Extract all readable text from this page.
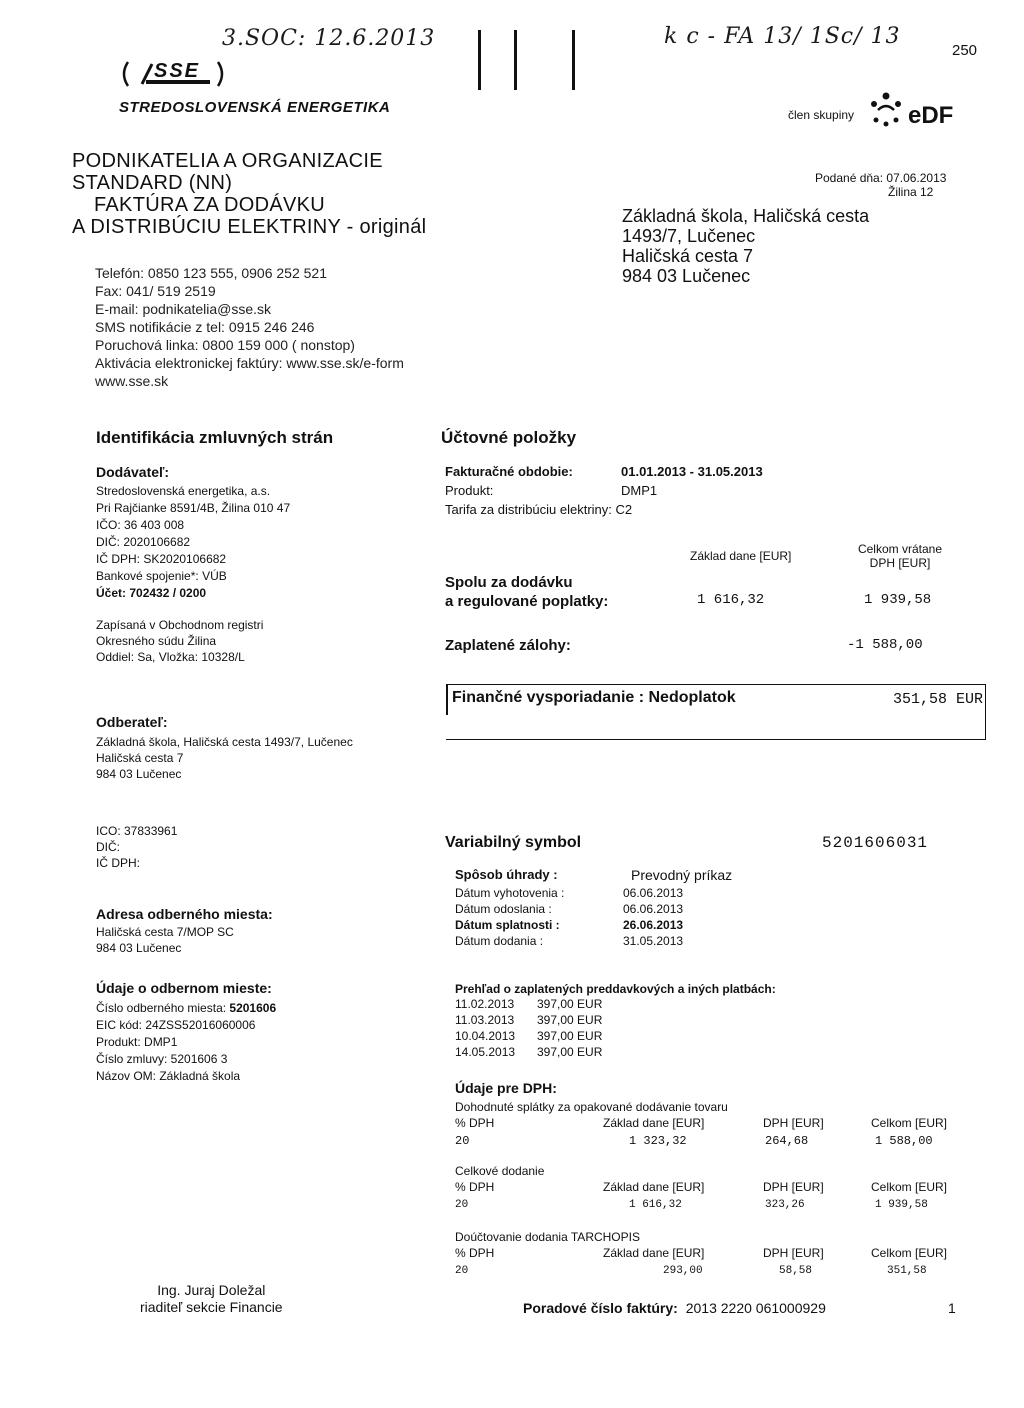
SSE
3.SOC: 12.6.2013	k c - FA 13/ 1Sc/ 13
250
STREDOSLOVENSKÁ ENERGETIKA	člen skupiny eDF
PODNIKATELIA A ORGANIZACIE
STANDARD (NN)
FAKTÚRA ZA DODÁVKU
A DISTRIBÚCIU ELEKTRINY - originál
Telefón: 0850 123 555, 0906 252 521
Fax: 041/ 519 2519
E-mail: podnikatelia@sse.sk
SMS notifikácie z tel: 0915 246 246
Poruchová linka: 0800 159 000 ( nonstop)
Aktivácia elektronickej faktúry: www.sse.sk/e-form
www.sse.sk
Podané dňa: 07.06.2013
Žilina 12
Základná škola, Haličská cesta
1493/7, Lučenec
Haličská cesta 7
984 03 Lučenec
Identifikácia zmluvných strán
Dodávateľ:
Stredoslovenská energetika, a.s.
Pri Rajčianke 8591/4B, Žilina 010 47
IČO: 36 403 008
DIČ: 2020106682
IČ DPH: SK2020106682
Bankové spojenie*: VÚB
Účet: 702432 / 0200
Zapísaná v Obchodnom registri
Okresného súdu Žilina
Oddiel: Sa, Vložka: 10328/L
Odberateľ:
Základná škola, Haličská cesta 1493/7, Lučenec
Haličská cesta 7
984 03 Lučenec
ICO: 37833961
DIČ:
IČ DPH:
Adresa odberného miesta:
Haličská cesta 7/MOP SC
984 03 Lučenec
Údaje o odbernom mieste:
Číslo odberného miesta: 5201606
EIC kód: 24ZSS52016060006
Produkt: DMP1
Číslo zmluvy: 5201606 3
Názov OM: Základná škola
Účtovné položky
Fakturačné obdobie:	01.01.2013 - 31.05.2013
Produkt:	DMP1
Tarifa za distribúciu elektriny: C2
Základ dane [EUR]	Celkom vrátane
DPH [EUR]
Spolu za dodávku
a regulované poplatky:	1 616,32	1 939,58
Zaplatené zálohy:	-1 588,00
Finančné vysporiadanie : Nedoplatok	351,58 EUR
Variabilný symbol	5201606031
Spôsob úhrady :	Prevodný príkaz
Dátum vyhotovenia :	06.06.2013
Dátum odoslania :	06.06.2013
Dátum splatnosti :	26.06.2013
Dátum dodania :	31.05.2013
Prehľad o zaplatených preddavkových a iných platbách:
11.02.2013	397,00 EUR
11.03.2013	397,00 EUR
10.04.2013	397,00 EUR
14.05.2013	397,00 EUR
Údaje pre DPH:
Dohodnuté splátky za opakované dodávanie tovaru
% DPH	Základ dane [EUR]	DPH [EUR]	Celkom [EUR]
20	1 323,32	264,68	1 588,00
Celkové dodanie
% DPH	Základ dane [EUR]	DPH [EUR]	Celkom [EUR]
20	1 616,32	323,26	1 939,58
Doúčtovanie dodania TARCHOPIS
% DPH	Základ dane [EUR]	DPH [EUR]	Celkom [EUR]
20	293,00	58,58	351,58
Ing. Juraj Doležal
riaditeľ sekcie Financie	Poradové číslo faktúry: 2013 2220 061000929	1
